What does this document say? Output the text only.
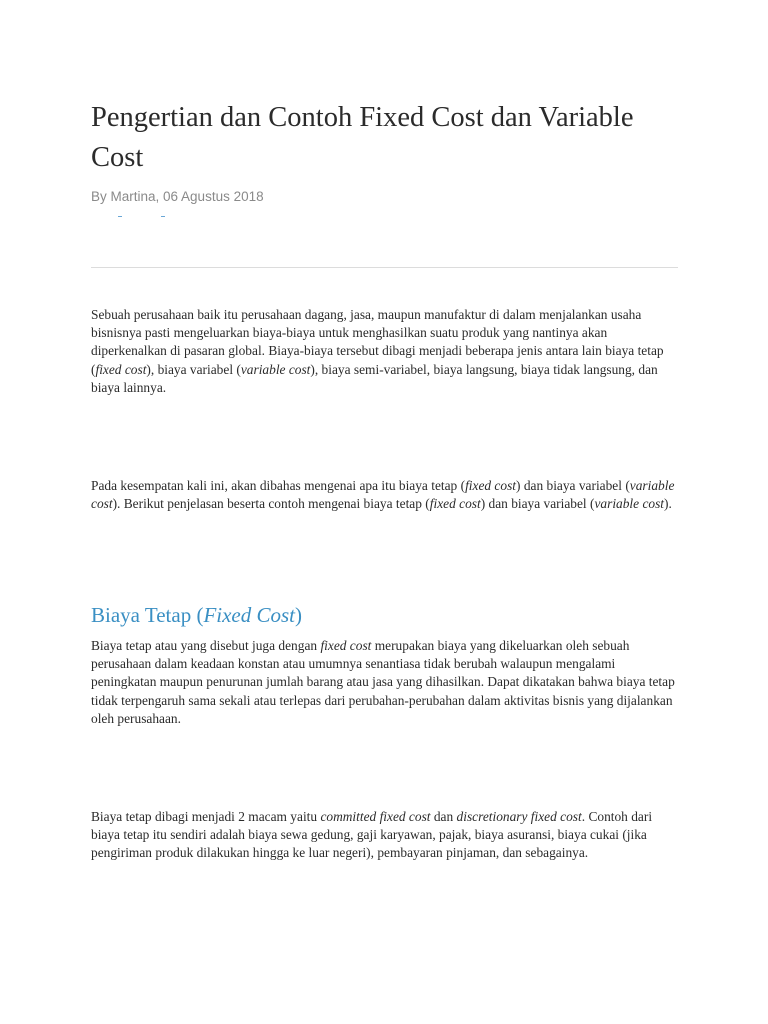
Pengertian dan Contoh Fixed Cost dan Variable Cost

By Martina, 06 Agustus 2018

Sebuah perusahaan baik itu perusahaan dagang, jasa, maupun manufaktur di dalam menjalankan usaha bisnisnya pasti mengeluarkan biaya-biaya untuk menghasilkan suatu produk yang nantinya akan diperkenalkan di pasaran global. Biaya-biaya tersebut dibagi menjadi beberapa jenis antara lain biaya tetap (fixed cost), biaya variabel (variable cost), biaya semi-variabel, biaya langsung, biaya tidak langsung, dan biaya lainnya.

Pada kesempatan kali ini, akan dibahas mengenai apa itu biaya tetap (fixed cost) dan biaya variabel (variable cost). Berikut penjelasan beserta contoh mengenai biaya tetap (fixed cost) dan biaya variabel (variable cost).

Biaya Tetap (Fixed Cost)

Biaya tetap atau yang disebut juga dengan fixed cost merupakan biaya yang dikeluarkan oleh sebuah perusahaan dalam keadaan konstan atau umumnya senantiasa tidak berubah walaupun mengalami peningkatan maupun penurunan jumlah barang atau jasa yang dihasilkan. Dapat dikatakan bahwa biaya tetap tidak terpengaruh sama sekali atau terlepas dari perubahan-perubahan dalam aktivitas bisnis yang dijalankan oleh perusahaan.

Biaya tetap dibagi menjadi 2 macam yaitu committed fixed cost dan discretionary fixed cost. Contoh dari biaya tetap itu sendiri adalah biaya sewa gedung, gaji karyawan, pajak, biaya asuransi, biaya cukai (jika pengiriman produk dilakukan hingga ke luar negeri), pembayaran pinjaman, dan sebagainya.
